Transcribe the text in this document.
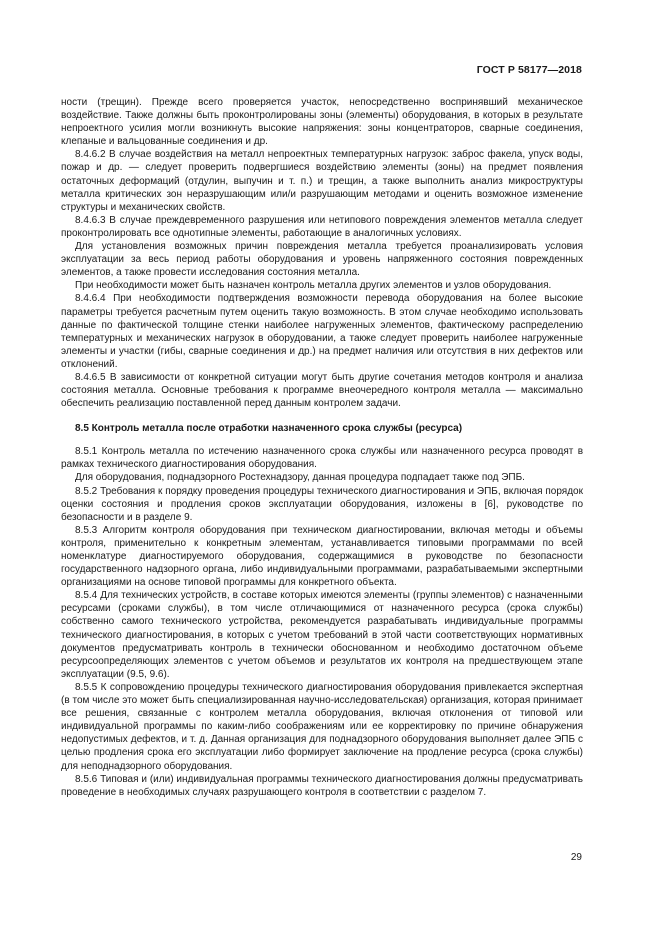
ГОСТ Р 58177—2018

ности (трещин). Прежде всего проверяется участок, непосредственно воспринявший механическое воздействие. Также должны быть проконтролированы зоны (элементы) оборудования, в которых в результате непроектного усилия могли возникнуть высокие напряжения: зоны концентраторов, сварные соединения, клепаные и вальцованные соединения и др.

8.4.6.2 В случае воздействия на металл непроектных температурных нагрузок: заброс факела, упуск воды, пожар и др. — следует проверить подвергшиеся воздействию элементы (зоны) на предмет появления остаточных деформаций (отдулин, выпучин и т. п.) и трещин, а также выполнить анализ микроструктуры металла критических зон неразрушающим или/и разрушающим методами и оценить возможное изменение структуры и механических свойств.

8.4.6.3 В случае преждевременного разрушения или нетипового повреждения элементов металла следует проконтролировать все однотипные элементы, работающие в аналогичных условиях.

Для установления возможных причин повреждения металла требуется проанализировать условия эксплуатации за весь период работы оборудования и уровень напряженного состояния поврежденных элементов, а также провести исследования состояния металла.

При необходимости может быть назначен контроль металла других элементов и узлов оборудования.

8.4.6.4 При необходимости подтверждения возможности перевода оборудования на более высокие параметры требуется расчетным путем оценить такую возможность. В этом случае необходимо использовать данные по фактической толщине стенки наиболее нагруженных элементов, фактическому распределению температурных и механических нагрузок в оборудовании, а также следует проверить наиболее нагруженные элементы и участки (гибы, сварные соединения и др.) на предмет наличия или отсутствия в них дефектов или отклонений.

8.4.6.5 В зависимости от конкретной ситуации могут быть другие сочетания методов контроля и анализа состояния металла. Основные требования к программе внеочередного контроля металла — максимально обеспечить реализацию поставленной перед данным контролем задачи.

8.5 Контроль металла после отработки назначенного срока службы (ресурса)

8.5.1 Контроль металла по истечению назначенного срока службы или назначенного ресурса проводят в рамках технического диагностирования оборудования.

Для оборудования, поднадзорного Ростехнадзору, данная процедура подпадает также под ЭПБ.

8.5.2 Требования к порядку проведения процедуры технического диагностирования и ЭПБ, включая порядок оценки состояния и продления сроков эксплуатации оборудования, изложены в [6], руководстве по безопасности и в разделе 9.

8.5.3 Алгоритм контроля оборудования при техническом диагностировании, включая методы и объемы контроля, применительно к конкретным элементам, устанавливается типовыми программами по всей номенклатуре диагностируемого оборудования, содержащимися в руководстве по безопасности государственного надзорного органа, либо индивидуальными программами, разрабатываемыми экспертными организациями на основе типовой программы для конкретного объекта.

8.5.4 Для технических устройств, в составе которых имеются элементы (группы элементов) с назначенными ресурсами (сроками службы), в том числе отличающимися от назначенного ресурса (срока службы) собственно самого технического устройства, рекомендуется разрабатывать индивидуальные программы технического диагностирования, в которых с учетом требований в этой части соответствующих нормативных документов предусматривать контроль в технически обоснованном и необходимо достаточном объеме ресурсоопределяющих элементов с учетом объемов и результатов их контроля на предшествующем этапе эксплуатации (9.5, 9.6).

8.5.5 К сопровождению процедуры технического диагностирования оборудования привлекается экспертная (в том числе это может быть специализированная научно-исследовательская) организация, которая принимает все решения, связанные с контролем металла оборудования, включая отклонения от типовой или индивидуальной программы по каким-либо соображениям или ее корректировку по причине обнаружения недопустимых дефектов, и т. д. Данная организация для поднадзорного оборудования выполняет далее ЭПБ с целью продления срока его эксплуатации либо формирует заключение на продление ресурса (срока службы) для неподнадзорного оборудования.

8.5.6 Типовая и (или) индивидуальная программы технического диагностирования должны предусматривать проведение в необходимых случаях разрушающего контроля в соответствии с разделом 7.

29
